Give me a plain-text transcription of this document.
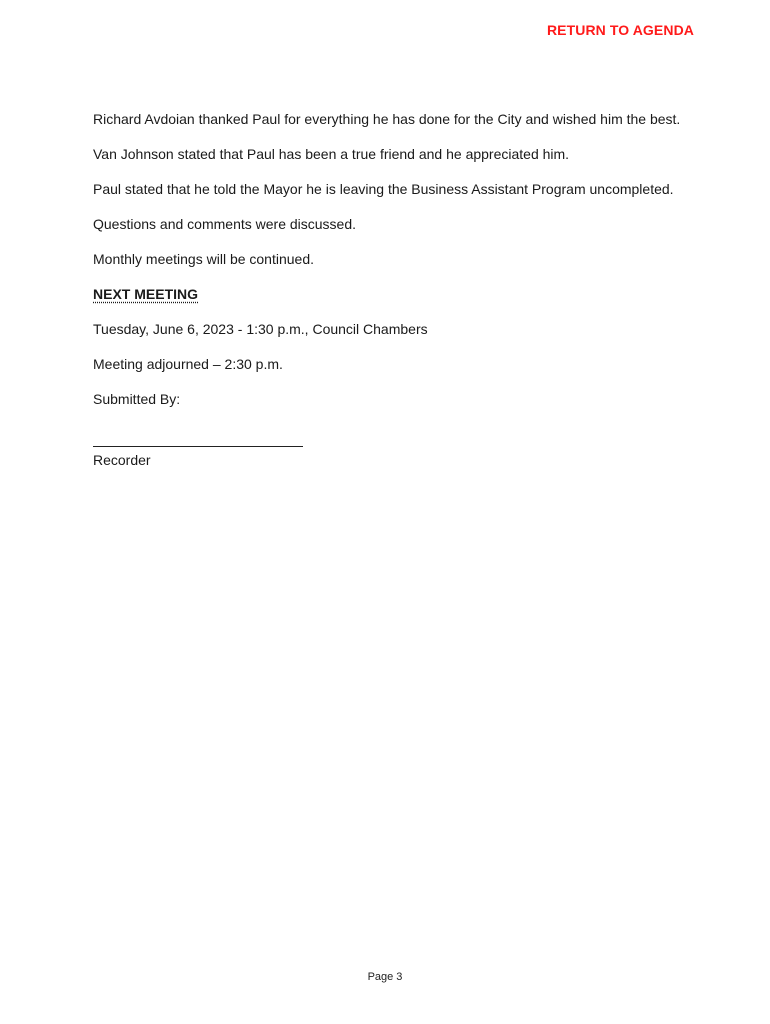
RETURN TO AGENDA

Richard Avdoian thanked Paul for everything he has done for the City and wished him the best.

Van Johnson stated that Paul has been a true friend and he appreciated him.

Paul stated that he told the Mayor he is leaving the Business Assistant Program uncompleted.

Questions and comments were discussed.

Monthly meetings will be continued.

NEXT MEETING

Tuesday, June 6, 2023 - 1:30 p.m., Council Chambers

Meeting adjourned – 2:30 p.m.

Submitted By:

Recorder
Page 3
